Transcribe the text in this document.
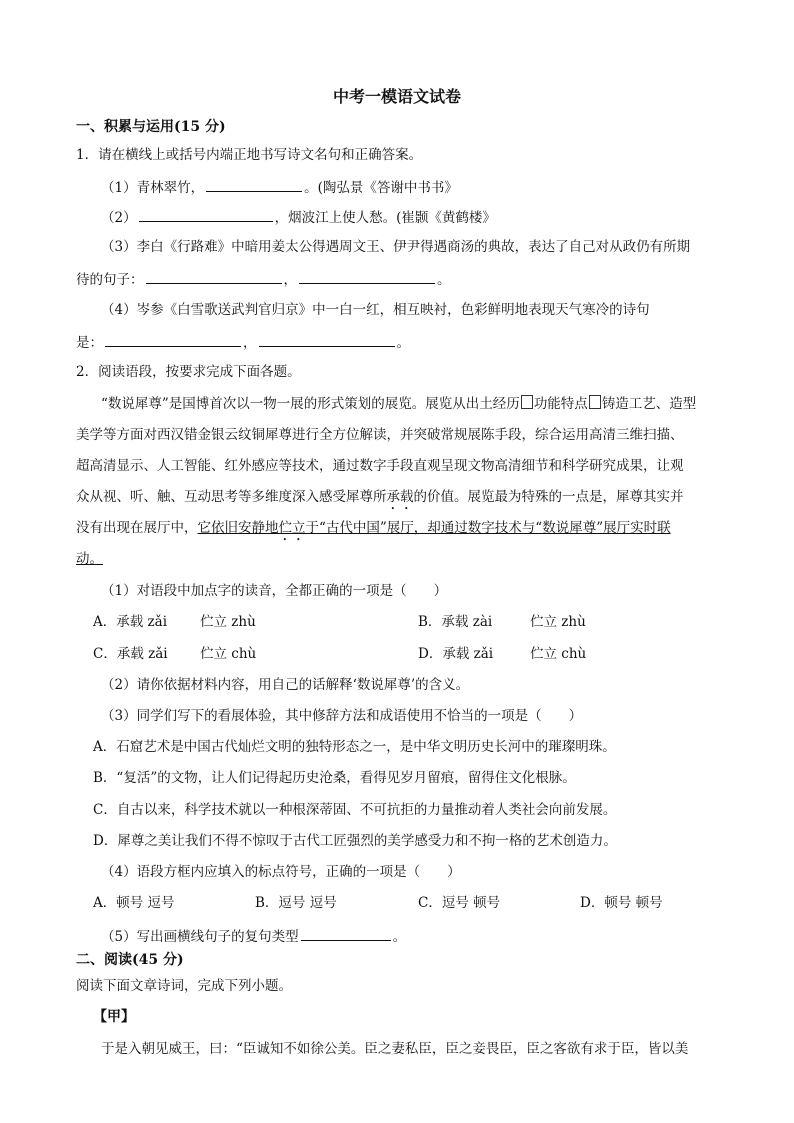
中考一模语文试卷
一、积累与运用(15 分)
1．请在横线上或括号内端正地书写诗文名句和正确答案。
（1）青林翠竹，	。(陶弘景《答谢中书书》
（2）	，烟波江上使人愁。(崔颢《黄鹤楼》
（3）李白《行路难》中暗用姜太公得遇周文王、伊尹得遇商汤的典故，表达了自己对从政仍有所期
待的句子：	，	。
（4）岑参《白雪歌送武判官归京》中一白一红，相互映衬，色彩鲜明地表现天气寒冷的诗句
是：	，	。
2．阅读语段，按要求完成下面各题。
“数说犀尊”是国博首次以一物一展的形式策划的展览。展览从出土经历 功能特点 铸造工艺、造型
美学等方面对西汉错金银云纹铜犀尊进行全方位解读，并突破常规展陈手段，综合运用高清三维扫描、
超高清显示、人工智能、红外感应等技术，通过数字手段直观呈现文物高清细节和科学研究成果，让观
众从视、听、触、互动思考等多维度深入感受犀尊所承载的价值。展览最为特殊的一点是，犀尊其实并
没有出现在展厅中，它依旧安静地伫立于“古代中国”展厅，却通过数字技术与“数说犀尊”展厅实时联
动。
（1）对语段中加点字的读音，全都正确的一项是（　　）
A．承载 zǎi 伫立 zhù	B．承载 zài	伫立 zhù
C．承载 zǎi 伫立 chù	D．承载 zǎi	伫立 chù
（2）请你依据材料内容，用自己的话解释‘数说犀尊’的含义。
（3）同学们写下的看展体验，其中修辞方法和成语使用不恰当的一项是（　　）
A．石窟艺术是中国古代灿烂文明的独特形态之一，是中华文明历史长河中的璀璨明珠。
B．“复活”的文物，让人们记得起历史沧桑，看得见岁月留痕，留得住文化根脉。
C．自古以来，科学技术就以一种根深蒂固、不可抗拒的力量推动着人类社会向前发展。
D．犀尊之美让我们不得不惊叹于古代工匠强烈的美学感受力和不拘一格的艺术创造力。
（4）语段方框内应填入的标点符号，正确的一项是（　　）
A．顿号 逗号	B．逗号 逗号	C．逗号 顿号	D．顿号 顿号
（5）写出画横线句子的复句类型	。
二、阅读(45 分)
阅读下面文章诗词，完成下列小题。
【甲】
于是入朝见威王，曰：“臣诚知不如徐公美。臣之妻私臣，臣之妾畏臣，臣之客欲有求于臣，皆以美
